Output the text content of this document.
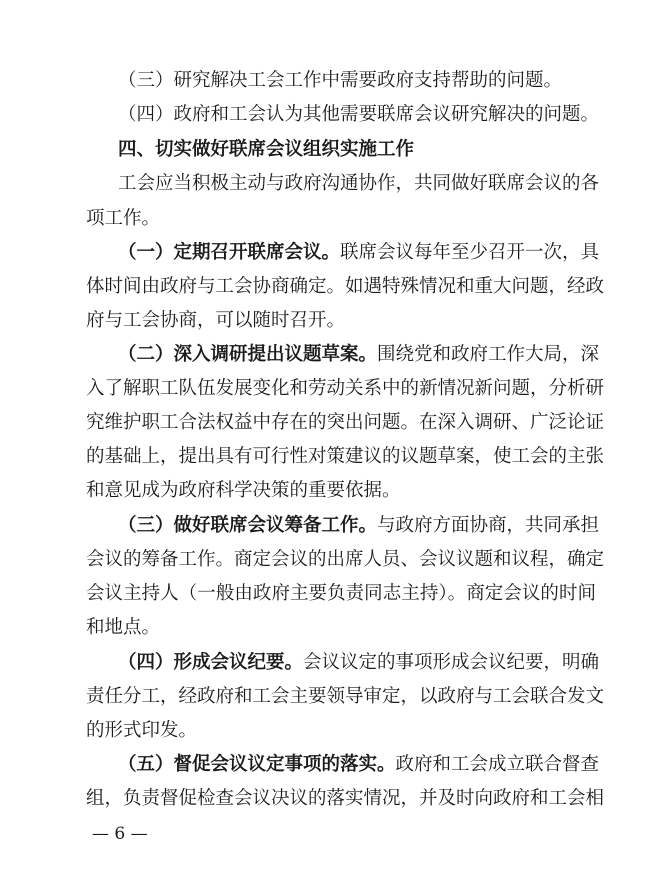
（三）研究解决工会工作中需要政府支持帮助的问题。
（四）政府和工会认为其他需要联席会议研究解决的问题。
四、切实做好联席会议组织实施工作
工会应当积极主动与政府沟通协作，共同做好联席会议的各
项工作。
（一）定期召开联席会议。联席会议每年至少召开一次，具
体时间由政府与工会协商确定。如遇特殊情况和重大问题，经政
府与工会协商，可以随时召开。
（二）深入调研提出议题草案。围绕党和政府工作大局，深
入了解职工队伍发展变化和劳动关系中的新情况新问题，分析研
究维护职工合法权益中存在的突出问题。在深入调研、广泛论证
的基础上，提出具有可行性对策建议的议题草案，使工会的主张
和意见成为政府科学决策的重要依据。
（三）做好联席会议筹备工作。与政府方面协商，共同承担
会议的筹备工作。商定会议的出席人员、会议议题和议程，确定
会议主持人（一般由政府主要负责同志主持）。商定会议的时间
和地点。
（四）形成会议纪要。会议议定的事项形成会议纪要，明确
责任分工，经政府和工会主要领导审定，以政府与工会联合发文
的形式印发。
（五）督促会议议定事项的落实。政府和工会成立联合督查
组，负责督促检查会议决议的落实情况，并及时向政府和工会相
— 6 —
